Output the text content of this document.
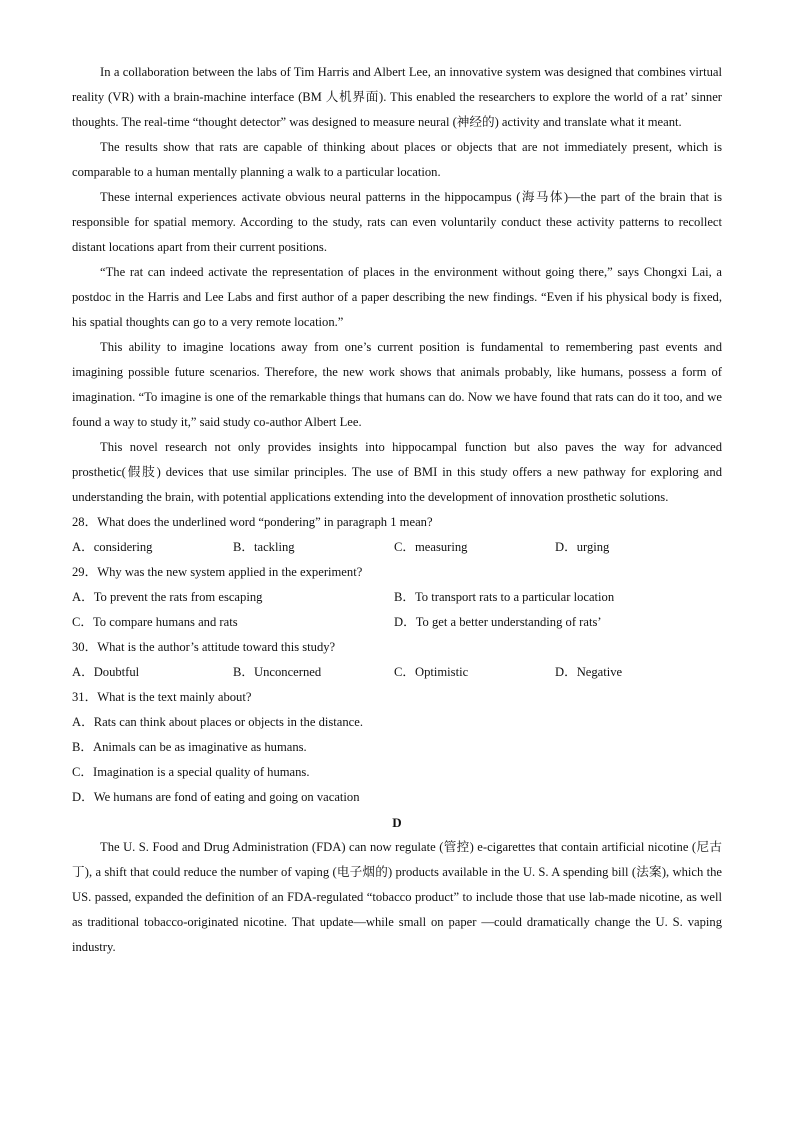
In a collaboration between the labs of Tim Harris and Albert Lee, an innovative system was designed that combines virtual reality (VR) with a brain-machine interface (BM 人机界面). This enabled the researchers to explore the world of a rat’ sinner thoughts. The real-time “thought detector” was designed to measure neural (神经的) activity and translate what it meant.

The results show that rats are capable of thinking about places or objects that are not immediately present, which is comparable to a human mentally planning a walk to a particular location.

These internal experiences activate obvious neural patterns in the hippocampus (海马体)—the part of the brain that is responsible for spatial memory. According to the study, rats can even voluntarily conduct these activity patterns to recollect distant locations apart from their current positions.

“The rat can indeed activate the representation of places in the environment without going there,” says Chongxi Lai, a postdoc in the Harris and Lee Labs and first author of a paper describing the new findings. “Even if his physical body is fixed, his spatial thoughts can go to a very remote location.”

This ability to imagine locations away from one’s current position is fundamental to remembering past events and imagining possible future scenarios. Therefore, the new work shows that animals probably, like humans, possess a form of imagination. “To imagine is one of the remarkable things that humans can do. Now we have found that rats can do it too, and we found a way to study it,” said study co-author Albert Lee.

This novel research not only provides insights into hippocampal function but also paves the way for advanced prosthetic(假肢) devices that use similar principles. The use of BMI in this study offers a new pathway for exploring and understanding the brain, with potential applications extending into the development of innovation prosthetic solutions.

28．What does the underlined word “pondering” in paragraph 1 mean?

A．considering	B．tackling	C．measuring	D．urging

29．Why was the new system applied in the experiment?

A．To prevent the rats from escaping	B．To transport rats to a particular location
C．To compare humans and rats	D．To get a better understanding of rats’

30．What is the author’s attitude toward this study?

A．Doubtful	B．Unconcerned	C．Optimistic	D．Negative

31．What is the text mainly about?

A．Rats can think about places or objects in the distance.

B．Animals can be as imaginative as humans.

C．Imagination is a special quality of humans.

D．We humans are fond of eating and going on vacation

D

The U. S. Food and Drug Administration (FDA) can now regulate (管控) e-cigarettes that contain artificial nicotine (尼古丁), a shift that could reduce the number of vaping (电子烟的) products available in the U. S. A spending bill (法案), which the US. passed, expanded the definition of an FDA-regulated “tobacco product” to include those that use lab-made nicotine, as well as traditional tobacco-originated nicotine. That update—while small on paper —could dramatically change the U. S. vaping industry.
